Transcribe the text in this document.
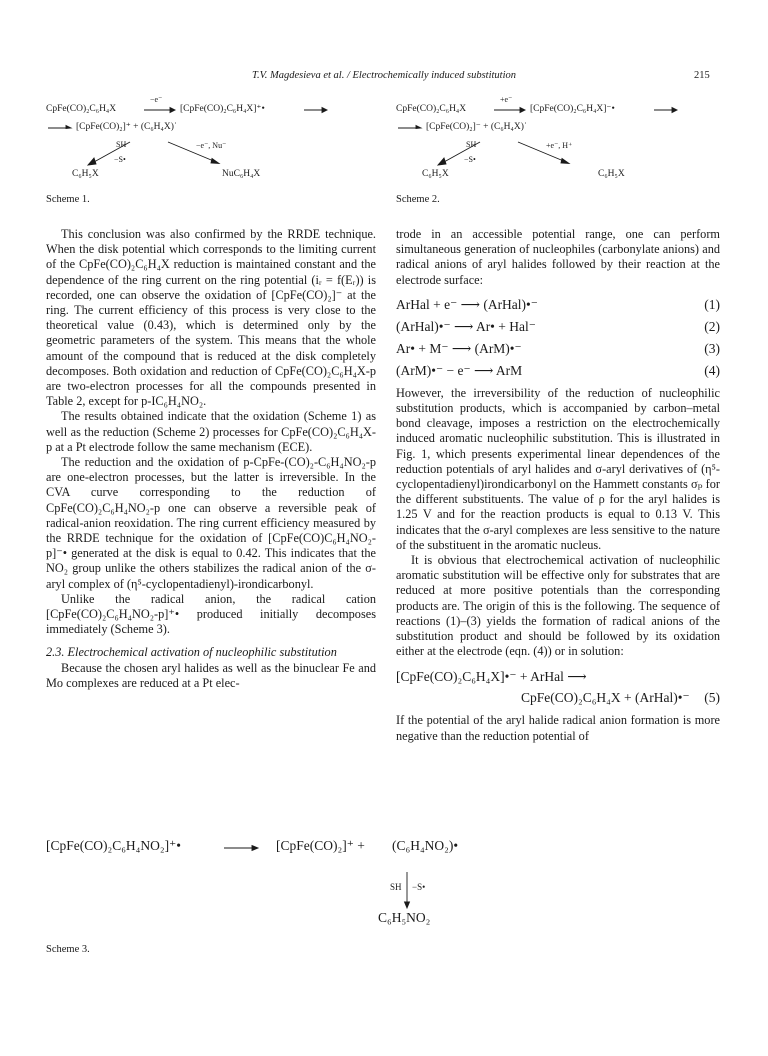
T.V. Magdesieva et al. / Electrochemically induced substitution	215
CpFe(CO)₂C₆H₄X
−e⁻
[CpFe(CO)₂C₆H₄X]⁺•
[CpFe(CO)₂]⁺ + (C₆H₄X)˙
SH
−S•
−e⁻, Nu⁻
C₆H₅X	NuC₆H₄X
Scheme 1.
CpFe(CO)₂C₆H₄X
+e⁻
[CpFe(CO)₂C₆H₄X]⁻•
[CpFe(CO)₂]⁻ + (C₆H₄X)˙
SH
−S•
+e⁻, H⁺
C₆H₅X	C₆H₅X
Scheme 2.

This conclusion was also confirmed by the RRDE technique. When the disk potential which corresponds to the limiting current of the CpFe(CO)₂C₆H₄X reduction is maintained constant and the dependence of the ring current on the ring potential (iᵣ = f(Eᵣ)) is recorded, one can observe the oxidation of [CpFe(CO)₂]⁻ at the ring. The current efficiency of this process is very close to the theoretical value (0.43), which is determined only by the geometric parameters of the system. This means that the whole amount of the compound that is reduced at the disk completely decomposes. Both oxidation and reduction of CpFe(CO)₂C₆H₄X-p are two-electron processes for all the compounds presented in Table 2, except for p-IC₆H₄NO₂.

The results obtained indicate that the oxidation (Scheme 1) as well as the reduction (Scheme 2) processes for CpFe(CO)₂C₆H₄X-p at a Pt electrode follow the same mechanism (ECE).

The reduction and the oxidation of p-CpFe-(CO)₂-C₆H₄NO₂-p are one-electron processes, but the latter is irreversible. In the CVA curve corresponding to the reduction of CpFe(CO)₂C₆H₄NO₂-p one can observe a reversible peak of radical-anion reoxidation. The ring current efficiency measured by the RRDE technique for the oxidation of [CpFe(CO)C₆H₄NO₂-p]⁻• generated at the disk is equal to 0.42. This indicates that the NO₂ group unlike the others stabilizes the radical anion of the σ-aryl complex of (η⁵-cyclopentadienyl)-irondicarbonyl.

Unlike the radical anion, the radical cation [CpFe(CO)₂C₆H₄NO₂-p]⁺• produced initially decomposes immediately (Scheme 3).

2.3. Electrochemical activation of nucleophilic substitution

Because the chosen aryl halides as well as the binuclear Fe and Mo complexes are reduced at a Pt elec-

trode in an accessible potential range, one can perform simultaneous generation of nucleophiles (carbonylate anions) and radical anions of aryl halides followed by their reaction at the electrode surface:

ArHal + e⁻ ⟶ (ArHal)•⁻	(1)
(ArHal)•⁻ ⟶ Ar• + Hal⁻	(2)
Ar• + M⁻ ⟶ (ArM)•⁻	(3)
(ArM)•⁻ − e⁻ ⟶ ArM	(4)

However, the irreversibility of the reduction of nucleophilic substitution products, which is accompanied by carbon–metal bond cleavage, imposes a restriction on the electrochemically induced aromatic nucleophilic substitution. This is illustrated in Fig. 1, which presents experimental linear dependences of the reduction potentials of aryl halides and σ-aryl derivatives of (η⁵-cyclopentadienyl)irondicarbonyl on the Hammett constants σₚ for the different substituents. The value of ρ for the aryl halides is 1.25 V and for the reaction products is equal to 0.13 V. This indicates that the σ-aryl complexes are less sensitive to the nature of the substituent in the aromatic nucleus.

It is obvious that electrochemical activation of nucleophilic aromatic substitution will be effective only for substrates that are reduced at more positive potentials than the corresponding products are. The origin of this is the following. The sequence of reactions (1)–(3) yields the formation of radical anions of the substitution product and should be followed by its oxidation either at the electrode (eqn. (4)) or in solution:

[CpFe(CO)₂C₆H₄X]•⁻ + ArHal ⟶
CpFe(CO)₂C₆H₄X + (ArHal)•⁻ (5)

If the potential of the aryl halide radical anion formation is more negative than the reduction potential of

[CpFe(CO)₂C₆H₄NO₂]⁺•	[CpFe(CO)₂]⁺ + (C₆H₄NO₂)•
SH −S•
C₆H₅NO₂
Scheme 3.
